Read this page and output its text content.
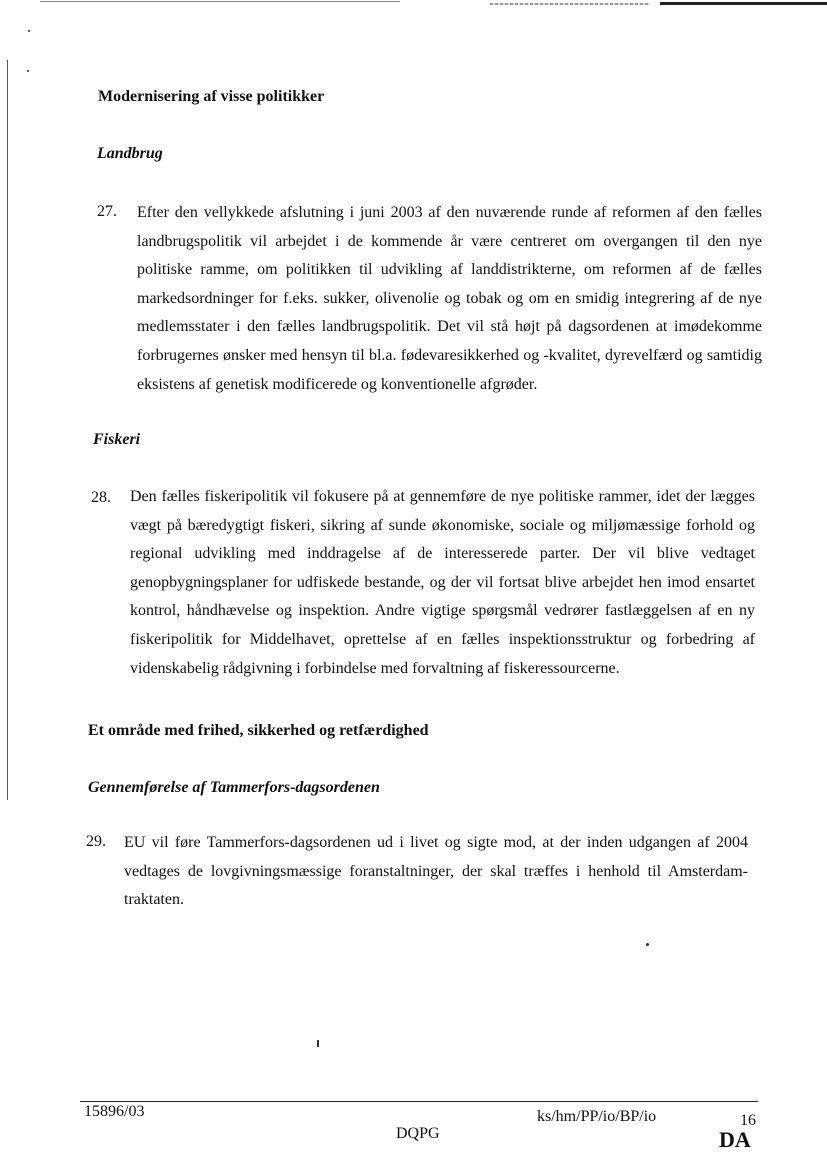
Modernisering af visse politikker
Landbrug
27. Efter den vellykkede afslutning i juni 2003 af den nuværende runde af reformen af den fælles landbrugspolitik vil arbejdet i de kommende år være centreret om overgangen til den nye politiske ramme, om politikken til udvikling af landdistrikterne, om reformen af de fælles markedsordninger for f.eks. sukker, olivenolie og tobak og om en smidig integrering af de nye medlemsstater i den fælles landbrugspolitik. Det vil stå højt på dagsordenen at imødekomme forbrugernes ønsker med hensyn til bl.a. fødevaresikkerhed og -kvalitet, dyrevelfærd og samtidig eksistens af genetisk modificerede og konventionelle afgrøder.
Fiskeri
28. Den fælles fiskeripolitik vil fokusere på at gennemføre de nye politiske rammer, idet der lægges vægt på bæredygtigt fiskeri, sikring af sunde økonomiske, sociale og miljømæssige forhold og regional udvikling med inddragelse af de interesserede parter. Der vil blive vedtaget genopbygningsplaner for udfiskede bestande, og der vil fortsat blive arbejdet hen imod ensartet kontrol, håndhævelse og inspektion. Andre vigtige spørgsmål vedrører fastlæggelsen af en ny fiskeripolitik for Middelhavet, oprettelse af en fælles inspektionsstruktur og forbedring af videnskabelig rådgivning i forbindelse med forvaltning af fiskeressourcerne.
Et område med frihed, sikkerhed og retfærdighed
Gennemførelse af Tammerfors-dagsordenen
29. EU vil føre Tammerfors-dagsordenen ud i livet og sigte mod, at der inden udgangen af 2004 vedtages de lovgivningsmæssige foranstaltninger, der skal træffes i henhold til Amsterdam-traktaten.
15896/03	ks/hm/PP/io/BP/io	16
DQPG	DA
